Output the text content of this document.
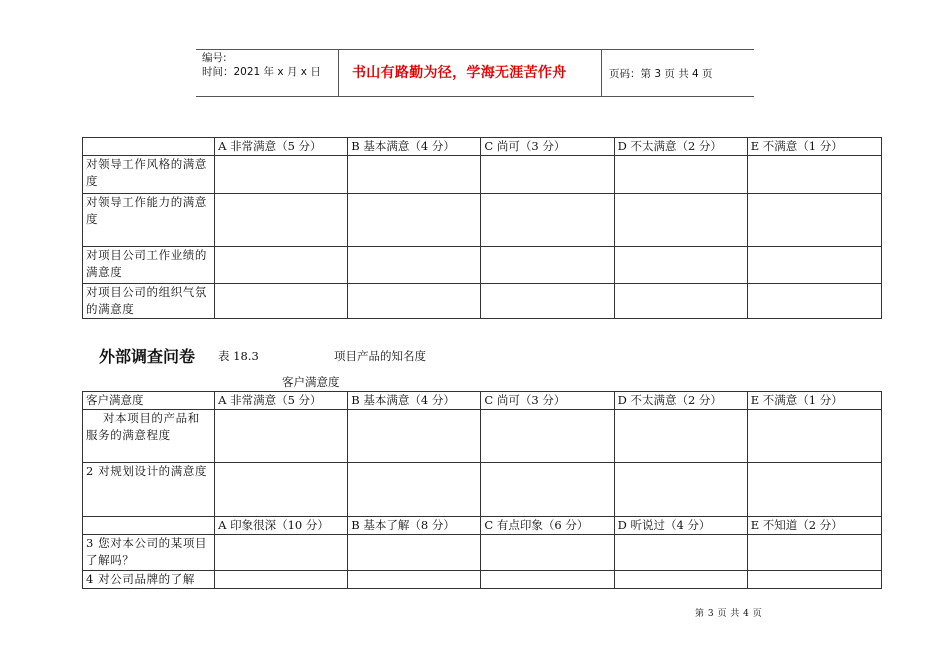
编号:
时间：2021 年 x 月 x 日 书山有路勤为径，学海无涯苦作舟	页码：第 3 页 共 4 页
	A 非常满意（5 分）	B 基本满意（4 分）	C 尚可（3 分）	D 不太满意（2 分）	E 不满意（1 分）
对领导工作风格的满意度					
对领导工作能力的满意度					
对项目公司工作业绩的满意度					
对项目公司的组织气氛的满意度					
外部调查问卷 表 18.3	项目产品的知名度
客户满意度
客户满意度	A 非常满意（5 分）	B 基本满意（4 分）	C 尚可（3 分）	D 不太满意（2 分）	E 不满意（1 分）
对本项目的产品和服务的满意程度					
2 对规划设计的满意度					
	A 印象很深（10 分）	B 基本了解（8 分）	C 有点印象（6 分）	D 听说过（4 分）	E 不知道（2 分）
3 您对本公司的某项目了解吗？					
4 对公司品牌的了解					
第 3 页 共 4 页
